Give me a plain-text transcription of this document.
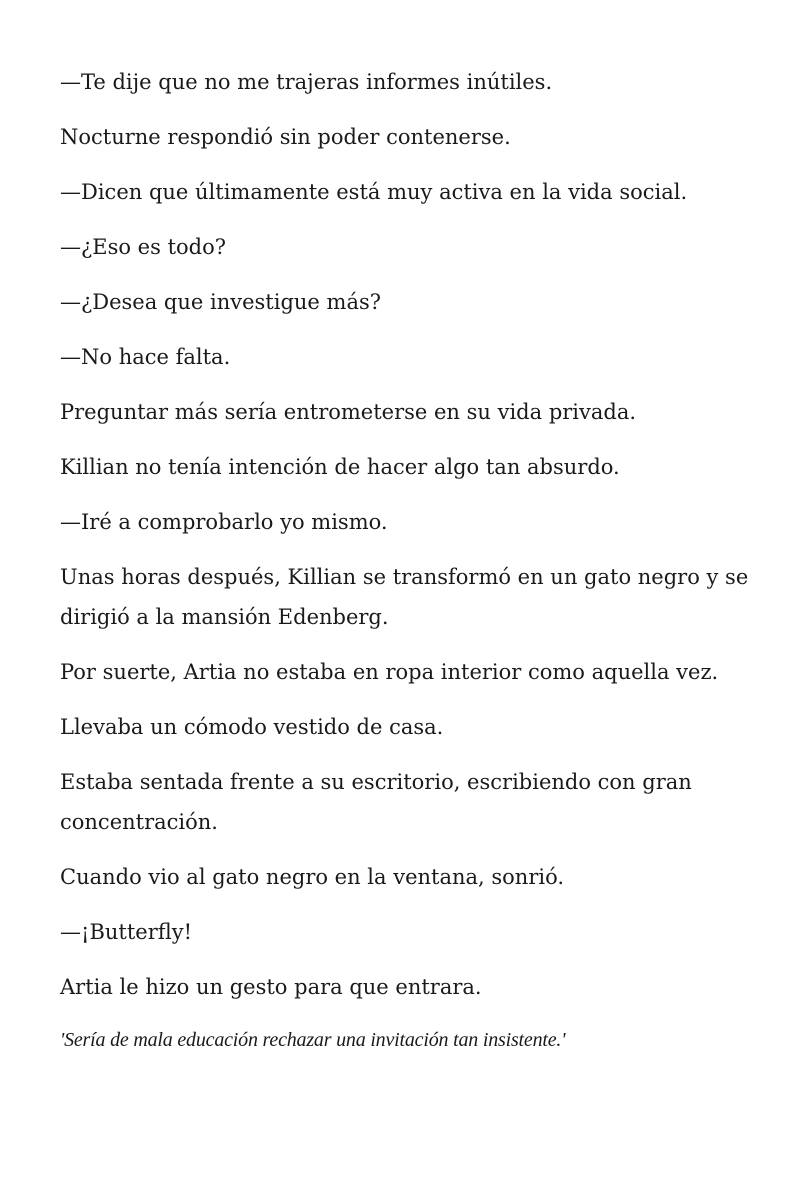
—Te dije que no me trajeras informes inútiles.

Nocturne respondió sin poder contenerse.

—Dicen que últimamente está muy activa en la vida social.

—¿Eso es todo?

—¿Desea que investigue más?

—No hace falta.

Preguntar más sería entrometerse en su vida privada.

Killian no tenía intención de hacer algo tan absurdo.

—Iré a comprobarlo yo mismo.

Unas horas después, Killian se transformó en un gato negro y se dirigió a la mansión Edenberg.

Por suerte, Artia no estaba en ropa interior como aquella vez.

Llevaba un cómodo vestido de casa.

Estaba sentada frente a su escritorio, escribiendo con gran concentración.

Cuando vio al gato negro en la ventana, sonrió.

—¡Butterfly!

Artia le hizo un gesto para que entrara.

'Sería de mala educación rechazar una invitación tan insistente.'
